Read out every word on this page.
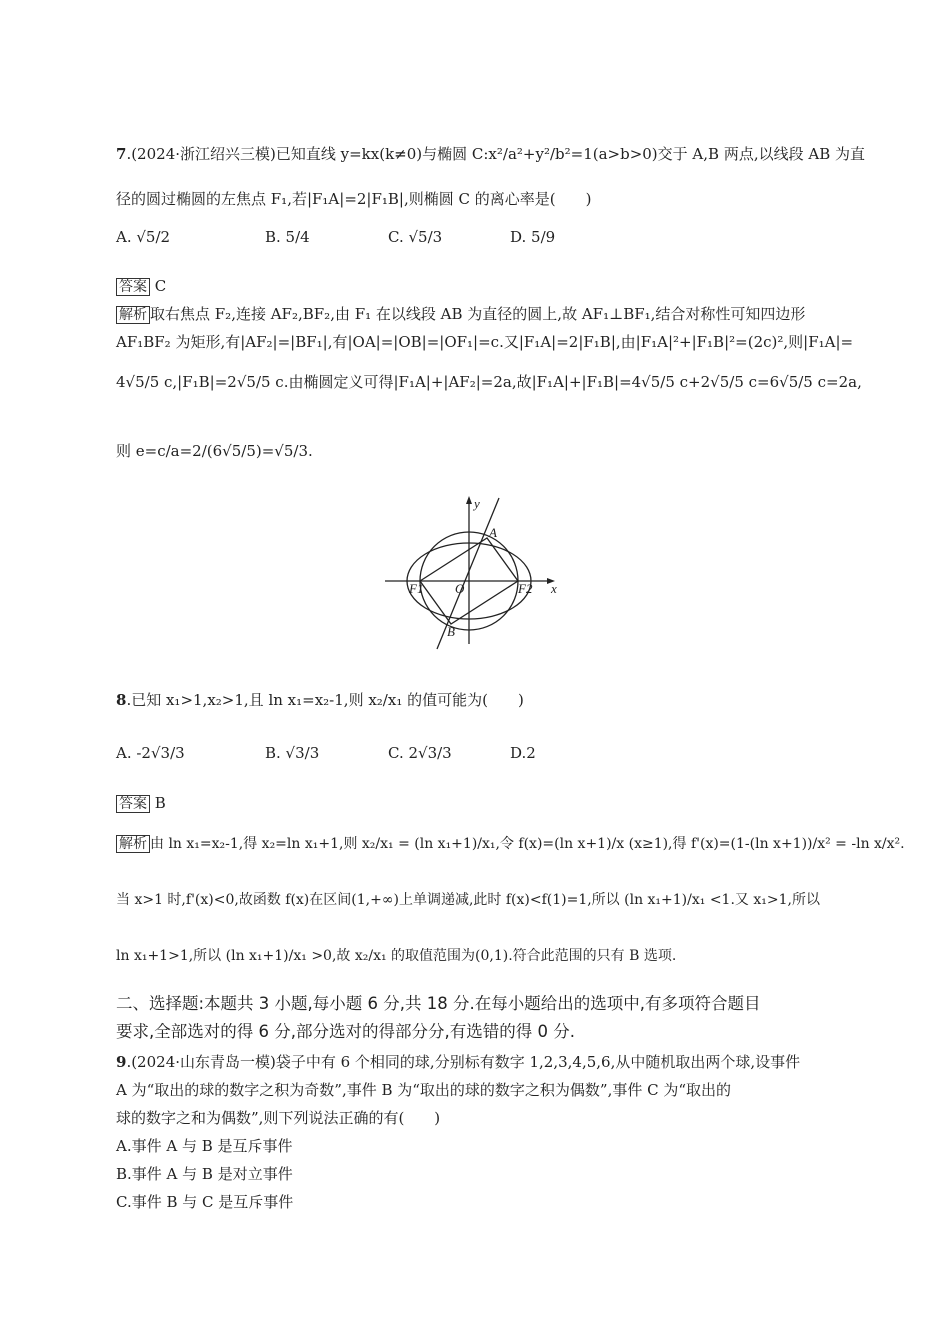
7.(2024·浙江绍兴三模)已知直线 y=kx(k≠0)与椭圆 C:x²/a²+y²/b²=1(a>b>0)交于 A,B 两点,以线段 AB 为直
径的圆过椭圆的左焦点 F₁,若|F₁A|=2|F₁B|,则椭圆 C 的离心率是(　　)
A. √5/2	B. 5/4	C. √5/3	D. 5/9
答案 C
解析 取右焦点 F₂,连接 AF₂,BF₂,由 F₁ 在以线段 AB 为直径的圆上,故 AF₁⊥BF₁,结合对称性可知四边形
AF₁BF₂ 为矩形,有|AF₂|=|BF₁|,有|OA|=|OB|=|OF₁|=c.又|F₁A|=2|F₁B|,由|F₁A|²+|F₁B|²=(2c)²,则|F₁A|=
4√5/5 c,|F₁B|=2√5/5 c.由椭圆定义可得|F₁A|+|AF₂|=2a,故|F₁A|+|F₁B|=4√5/5 c+2√5/5 c=6√5/5 c=2a,
则 e=c/a=2/(6√5/5)=√5/3.
y
x
A
B
O
F1	F2
8.已知 x₁>1,x₂>1,且 ln x₁=x₂-1,则 x₂/x₁ 的值可能为(　　)
A. -2√3/3	B. √3/3	C. 2√3/3	D.2
答案 B
解析 由 ln x₁=x₂-1,得 x₂=ln x₁+1,则 x₂/x₁ = (ln x₁+1)/x₁,令 f(x)=(ln x+1)/x (x≥1),得 f'(x)=(1-(ln x+1))/x² = -ln x/x².
当 x>1 时,f'(x)<0,故函数 f(x)在区间(1,+∞)上单调递减,此时 f(x)<f(1)=1,所以 (ln x₁+1)/x₁ <1.又 x₁>1,所以
ln x₁+1>1,所以 (ln x₁+1)/x₁ >0,故 x₂/x₁ 的取值范围为(0,1).符合此范围的只有 B 选项.
二、选择题:本题共 3 小题,每小题 6 分,共 18 分.在每小题给出的选项中,有多项符合题目
要求,全部选对的得 6 分,部分选对的得部分分,有选错的得 0 分.
9.(2024·山东青岛一模)袋子中有 6 个相同的球,分别标有数字 1,2,3,4,5,6,从中随机取出两个球,设事件
A 为“取出的球的数字之积为奇数”,事件 B 为“取出的球的数字之积为偶数”,事件 C 为“取出的
球的数字之和为偶数”,则下列说法正确的有(　　)
A.事件 A 与 B 是互斥事件
B.事件 A 与 B 是对立事件
C.事件 B 与 C 是互斥事件
